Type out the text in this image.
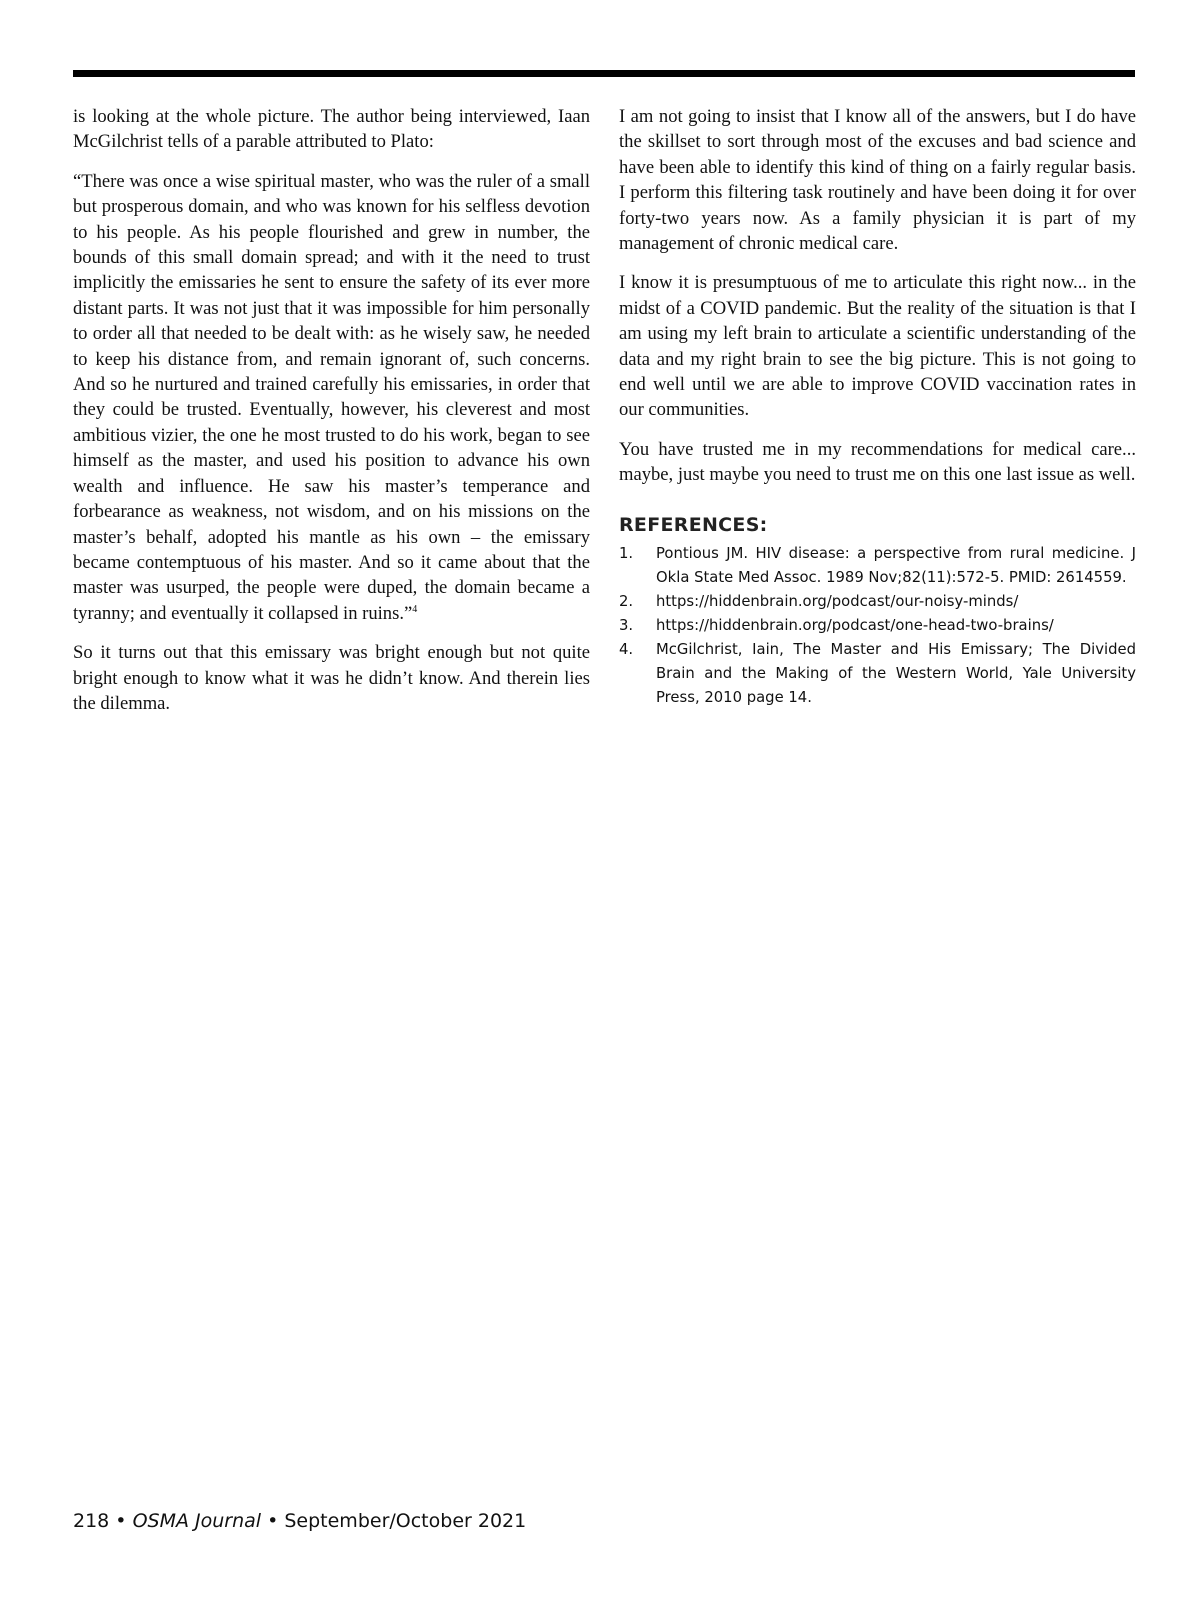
is looking at the whole picture. The author being interviewed, Iaan McGilchrist tells of a parable attributed to Plato:

“There was once a wise spiritual master, who was the ruler of a small but prosperous domain, and who was known for his selfless devotion to his people. As his people flourished and grew in number, the bounds of this small domain spread; and with it the need to trust implicitly the emissaries he sent to ensure the safety of its ever more distant parts. It was not just that it was impossible for him personally to order all that needed to be dealt with: as he wisely saw, he needed to keep his distance from, and remain ignorant of, such concerns. And so he nurtured and trained carefully his emissaries, in order that they could be trusted. Eventually, however, his cleverest and most ambitious vizier, the one he most trusted to do his work, began to see himself as the master, and used his position to advance his own wealth and influence. He saw his master’s temperance and forbearance as weakness, not wisdom, and on his missions on the master’s behalf, adopted his mantle as his own – the emissary became contemptuous of his master. And so it came about that the master was usurped, the people were duped, the domain became a tyranny; and eventually it collapsed in ruins.”$^4$

So it turns out that this emissary was bright enough but not quite bright enough to know what it was he didn’t know. And therein lies the dilemma.

I am not going to insist that I know all of the answers, but I do have the skillset to sort through most of the excuses and bad science and have been able to identify this kind of thing on a fairly regular basis. I perform this filtering task routinely and have been doing it for over forty-two years now. As a family physician it is part of my management of chronic medical care.

I know it is presumptuous of me to articulate this right now... in the midst of a COVID pandemic. But the reality of the situation is that I am using my left brain to articulate a scientific understanding of the data and my right brain to see the big picture. This is not going to end well until we are able to improve COVID vaccination rates in our communities.

You have trusted me in my recommendations for medical care... maybe, just maybe you need to trust me on this one last issue as well.

REFERENCES:
1. Pontious JM. HIV disease: a perspective from rural medicine. J Okla State Med Assoc. 1989 Nov;82(11):572-5. PMID: 2614559.
2. https://hiddenbrain.org/podcast/our-noisy-minds/
3. https://hiddenbrain.org/podcast/one-head-two-brains/
4. McGilchrist, Iain, The Master and His Emissary; The Divided Brain and the Making of the Western World, Yale University Press, 2010 page 14.
218 • OSMA Journal • September/October 2021
